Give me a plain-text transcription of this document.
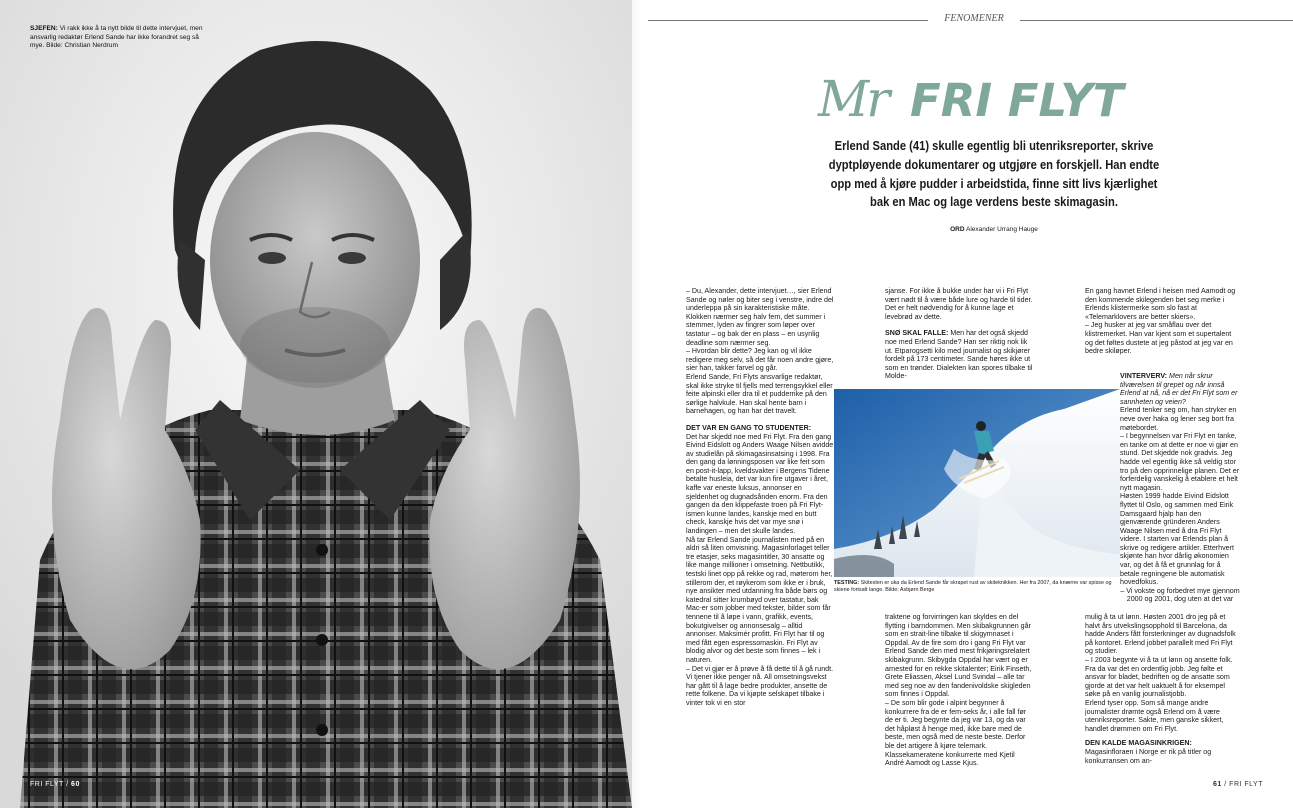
SJEFEN: Vi rakk ikke å ta nytt bilde til dette intervjuet, men ansvarlig redaktør Erlend Sande har ikke forandret seg så mye. Bilde: Christian Nerdrum
FRI FLYT / 60
FENOMENER
Mr FRI FLYT
Erlend Sande (41) skulle egentlig bli utenriksreporter, skrive dyptpløyende dokumentarer og utgjøre en forskjell. Han endte opp med å kjøre pudder i arbeidstida, finne sitt livs kjærlighet bak en Mac og lage verdens beste skimagasin.
ORD Alexander Urrang Hauge

– Du, Alexander, dette intervjuet…, sier Erlend Sande og nøler og biter seg i venstre, indre del underleppa på sin karakteristiske måte.

Klokken nærmer seg halv fem, det summer i stemmer, lyden av fingrer som løper over tastatur – og bak der en plass – en usynlig deadline som nærmer seg.

– Hvordan blir dette? Jeg kan og vil ikke redigere meg selv, så det får noen andre gjøre, sier han, takker farvel og går.

Erlend Sande, Fri Flyts ansvarlige redaktør, skal ikke stryke til fjells med terrengsykkel eller feite alpinski eller dra til et pudderrike på den sørlige halvkule. Han skal hente barn i barnehagen, og han har det travelt.

DET VAR EN GANG TO STUDENTER:

Det har skjedd noe med Fri Flyt. Fra den gang Eivind Eidslott og Anders Waage Nilsen avidde av studielån på skimagasinsatsing i 1998. Fra den gang da lønningsposen var like feit som en post-it-lapp, kveldsvakter i Bergens Tidene betalte husleia, det var kun fire utgaver i året, kaffe var eneste luksus, annonser en sjeldenhet og dugnadsånden enorm. Fra den gangen da den klippefaste troen på Fri Flyt-ismen kunne landes, kanskje med en butt check, kanskje hvis det var myе snø i landingen – men det skulle landes.

Nå tar Erlend Sande journalisten med på en aldri så liten omvisning. Magasinforlaget teller tre etasjer, seks magasintitler, 30 ansatte og like mange millioner i omsetning. Nettbutikk, testski linet opp på rekke og rad, møterom her, stillerom der, et røykerom som ikke er i bruk, nye ansikter med utdanning fra både børs og katedral sitter krumbøyd over tastatur, bak Mac-er som jobber med tekster, bilder som får tennene til å løpe i vann, grafikk, events, bokutgivelser og annonsesalg – alltid annonser. Maksimér profitt. Fri Flyt har til og med fått egen espressomaskin. Fri Flyt av blodig alvor og det beste som finnes – lek i naturen.

– Det vi gjør er å prøve å få dette til å gå rundt. Vi tjener ikke penger nå. All omsetningsvekst har gått til å lage bedre produkter, ansette de rette folkene. Da vi kjøpte selskapet tilbake i vinter tok vi en stor

sjanse. For ikke å bukke under har vi i Fri Flyt vært nødt til å være både lure og harde til tider. Det er helt nødvendig for å kunne lage et levebrød av dette.

SNØ SKAL FALLE: Men har det også skjedd noe med Erlend Sande? Han ser riktig nok lik ut. Etparogsetti kilo med journalist og skikjører fordelt på 173 centimeter. Sande høres ikke ut som en trønder. Dialekten kan spores tilbake til Molde-

En gang havnet Erlend i heisen med Aamodt og den kommende skilegenden bet seg merke i Erlends klistermerke som slo fast at «Telemarklovers are better skiers».

– Jeg husker at jeg var småflau over det klistremerket. Han var kjent som et supertalent og det føltes dustete at jeg påstod at jeg var en bedre skiløper.

VINTERVERV: Men når skrur tilværelsen til grepet og når innså Erlend at nå, nå er det Fri Flyt som er sannheten og veien?

Erlend tenker seg om, han stryker en neve over haka og lener seg bort fra møtebordet.

– I begynnelsen var Fri Flyt en tanke, en tanke om at dette er noe vi gjør en stund. Det skjedde nok gradvis. Jeg hadde vel egentlig ikke så veldig stor tro på den opprinnelige planen. Det er forferdelig vanskelig å etablere et helt nytt magasin.

Høsten 1999 hadde Eivind Eidslott flyttet til Oslo, og sammen med Eirik Damsgaard hjalp han den gjenværende gründeren Anders Waage Nilsen med å dra Fri Flyt videre. I starten var Erlends plan å skrive og redigere artikler. Etterhvert skjønte han hvor dårlig økonomien var, og det å få et grunnlag for å betale regningene ble automatisk hovedfokus.

– Vi vokste og forbedret mye gjennom 2000 og 2001, dog uten at det var

TESTING: Skitesten er uka da Erlend Sande får skrapet rust av skiteknikken. Her fra 2007, da knærne var spisse og skiene fortsatt lange. Bilde: Asbjørn Berge

traktene og forvirringen kan skyldes en del flytting i barndommen. Men skibakgrunnen går som en strait-line tilbake til skigymnaset i Oppdal. Av de fire som dro i gang Fri Flyt var Erlend Sande den med mest frikjøringsrelatert skibakgrunn. Skibygda Oppdal har vært og er arnested for en rekke skitalenter; Eirik Finseth, Grete Eliassen, Aksel Lund Svindal – alle tar med seg noe av den fandenivoldske skigleden som finnes i Oppdal.

– De som blir gode i alpint begynner å konkurrere fra de er fem-seks år, i alle fall før de er ti. Jeg begynte da jeg var 13, og da var det håpløst å henge med, ikke bare med de beste, men også med de neste beste. Derfor ble det artigere å kjøre telemark. Klassekameratene konkurrerte med Kjetil André Aamodt og Lasse Kjus.

mulig å ta ut lønn. Høsten 2001 dro jeg på et halvt års utvekslingsopphold til Barcelona, da hadde Anders fått forsterkninger av dugnadsfolk på kontoret. Erlend jobbet parallelt med Fri Flyt og studier.

– I 2003 begynte vi å ta ut lønn og ansette folk. Fra da var det en ordentlig jobb. Jeg følte et ansvar for bladet, bedriften og de ansatte som gjorde at det var helt uaktuelt å for eksempel søke på en vanlig journalistjobb.

Erlend tyser opp. Som så mange andre journalister drømte også Erlend om å være utenriksreporter. Sakte, men ganske sikkert, handlet drømmen om Fri Flyt.

DEN KALDE MAGASINKRIGEN: Magasinfloraen i Norge er rik på titler og konkurransen om an-

61 / FRI FLYT
